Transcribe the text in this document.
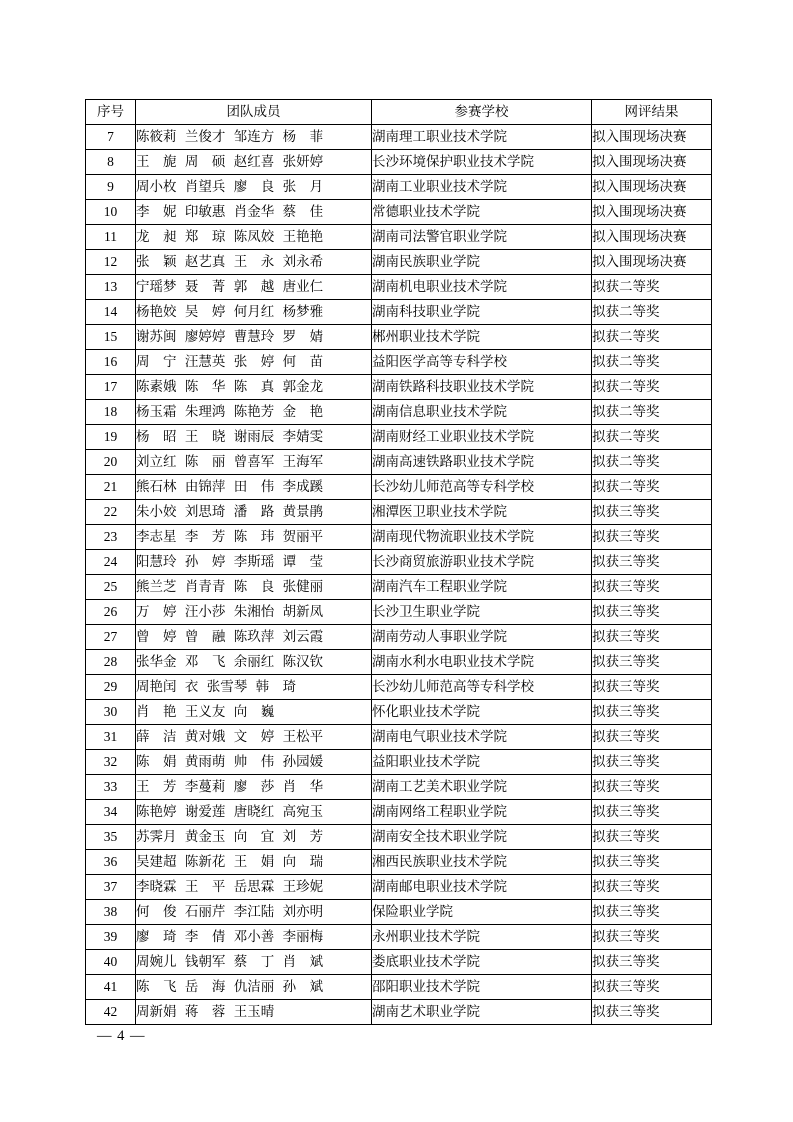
序号	团队成员	参赛学校	网评结果
7	陈筱莉 兰俊才 邹连方 杨　菲	湖南理工职业技术学院	拟入围现场决赛
8	王　旎 周　硕 赵红喜 张妍婷	长沙环境保护职业技术学院	拟入围现场决赛
9	周小枚 肖望兵 廖　良 张　月	湖南工业职业技术学院	拟入围现场决赛
10	李　妮 印敏惠 肖金华 蔡　佳	常德职业技术学院	拟入围现场决赛
11	龙　昶 郑　琼 陈凤姣 王艳艳	湖南司法警官职业学院	拟入围现场决赛
12	张　颖 赵艺真 王　永 刘永希	湖南民族职业学院	拟入围现场决赛
13	宁瑶梦 聂　菁 郭　越 唐业仁	湖南机电职业技术学院	拟获二等奖
14	杨艳姣 吴　婷 何月红 杨梦雅	湖南科技职业学院	拟获二等奖
15	谢苏闽 廖婷婷 曹慧玲 罗　婧	郴州职业技术学院	拟获二等奖
16	周　宁 汪慧英 张　婷 何　苗	益阳医学高等专科学校	拟获二等奖
17	陈素娥 陈　华 陈　真 郭金龙	湖南铁路科技职业技术学院	拟获二等奖
18	杨玉霜 朱理鸿 陈艳芳 金　艳	湖南信息职业技术学院	拟获二等奖
19	杨　昭 王　晓 谢雨辰 李婧雯	湖南财经工业职业技术学院	拟获二等奖
20	刘立红 陈　丽 曾喜军 王海军	湖南高速铁路职业技术学院	拟获二等奖
21	熊石林 由锦萍 田　伟 李成蹊	长沙幼儿师范高等专科学校	拟获二等奖
22	朱小姣 刘思琦 潘　路 黄景鹃	湘潭医卫职业技术学院	拟获三等奖
23	李志星 李　芳 陈　玮 贺丽平	湖南现代物流职业技术学院	拟获三等奖
24	阳慧玲 孙　婷 李斯瑶 谭　莹	长沙商贸旅游职业技术学院	拟获三等奖
25	熊兰芝 肖青青 陈　良 张健丽	湖南汽车工程职业学院	拟获三等奖
26	万　婷 汪小莎 朱湘怡 胡新凤	长沙卫生职业学院	拟获三等奖
27	曾　婷 曾　融 陈玖萍 刘云霞	湖南劳动人事职业学院	拟获三等奖
28	张华金 邓　飞 余丽红 陈汉钦	湖南水利水电职业技术学院	拟获三等奖
29	周艳闰 衣 张雪琴 韩　琦	长沙幼儿师范高等专科学校	拟获三等奖
30	肖　艳 王义友 向　巍	怀化职业技术学院	拟获三等奖
31	薛　洁 黄对娥 文　婷 王松平	湖南电气职业技术学院	拟获三等奖
32	陈　娟 黄雨萌 帅　伟 孙园媛	益阳职业技术学院	拟获三等奖
33	王　芳 李蔓莉 廖　莎 肖　华	湖南工艺美术职业学院	拟获三等奖
34	陈艳婷 谢爱莲 唐晓红 高宛玉	湖南网络工程职业学院	拟获三等奖
35	苏霁月 黄金玉 向　宜 刘　芳	湖南安全技术职业学院	拟获三等奖
36	吴建超 陈新花 王　娟 向　瑞	湘西民族职业技术学院	拟获三等奖
37	李晓霖 王　平 岳思霖 王珍妮	湖南邮电职业技术学院	拟获三等奖
38	何　俊 石丽芹 李江陆 刘亦明	保险职业学院	拟获三等奖
39	廖　琦 李　倩 邓小善 李丽梅	永州职业技术学院	拟获三等奖
40	周婉儿 钱朝军 蔡　丁 肖　斌	娄底职业技术学院	拟获三等奖
41	陈　飞 岳　海 仇洁丽 孙　斌	邵阳职业技术学院	拟获三等奖
42	周新娟 蒋　蓉 王玉晴	湖南艺术职业学院	拟获三等奖
— 4 —
